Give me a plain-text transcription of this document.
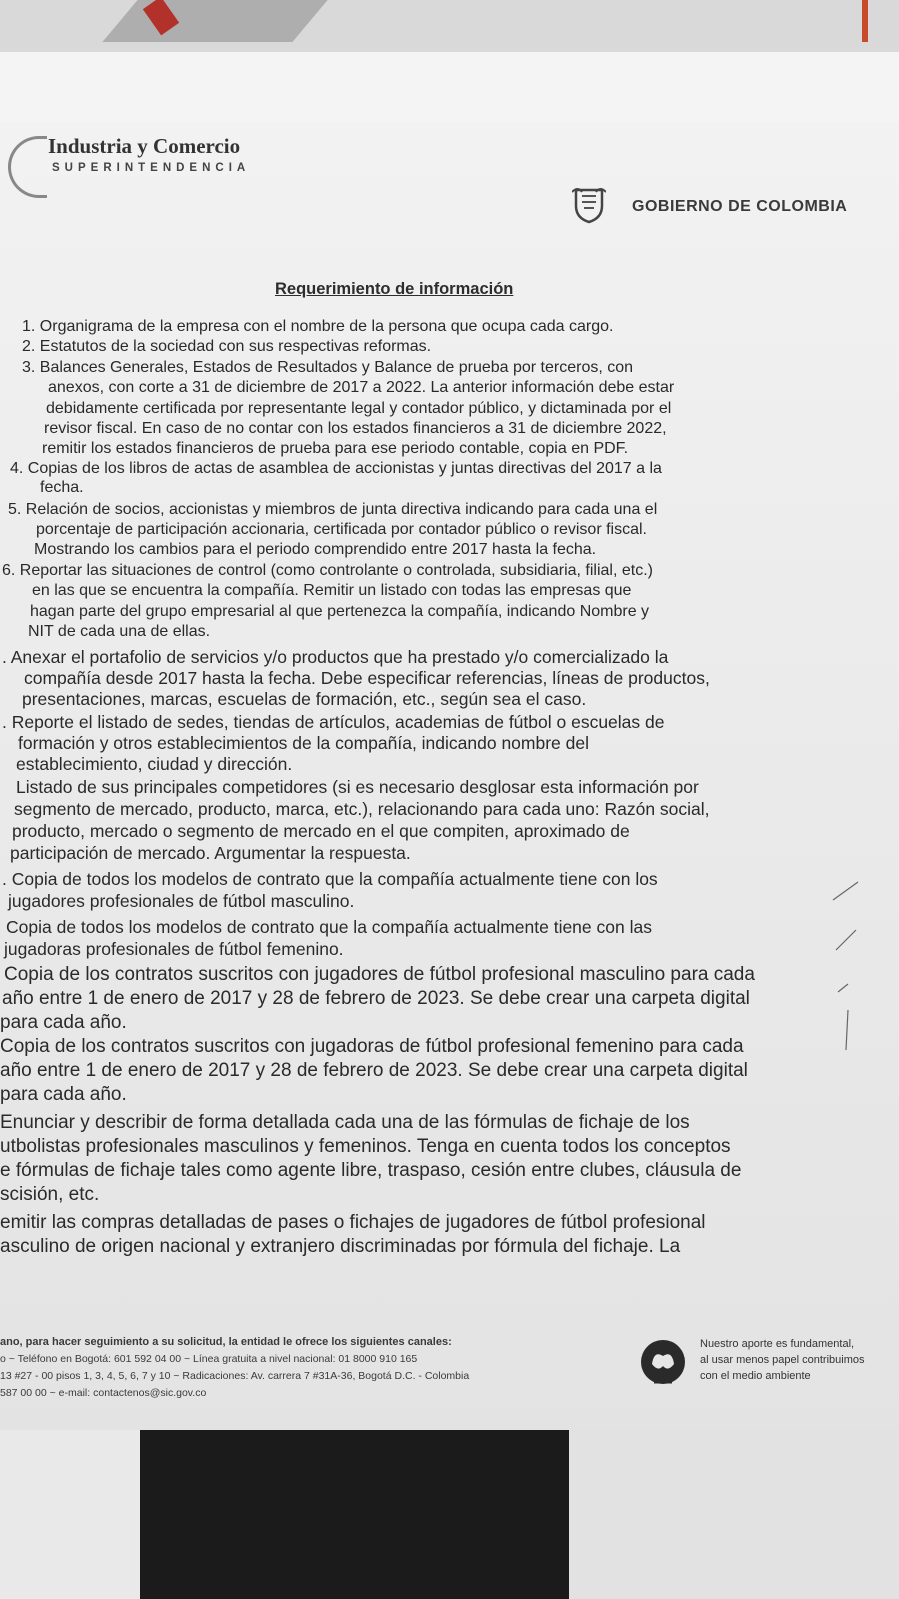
Industria y Comercio
SUPERINTENDENCIA
GOBIERNO DE COLOMBIA
Requerimiento de información
1. Organigrama de la empresa con el nombre de la persona que ocupa cada cargo.
2. Estatutos de la sociedad con sus respectivas reformas.
3. Balances Generales, Estados de Resultados y Balance de prueba por terceros, con
anexos, con corte a 31 de diciembre de 2017 a 2022. La anterior información debe estar
debidamente certificada por representante legal y contador público, y dictaminada por el
revisor fiscal. En caso de no contar con los estados financieros a 31 de diciembre 2022,
remitir los estados financieros de prueba para ese periodo contable, copia en PDF.
4. Copias de los libros de actas de asamblea de accionistas y juntas directivas del 2017 a la
fecha.
5. Relación de socios, accionistas y miembros de junta directiva indicando para cada una el
porcentaje de participación accionaria, certificada por contador público o revisor fiscal.
Mostrando los cambios para el periodo comprendido entre 2017 hasta la fecha.
6. Reportar las situaciones de control (como controlante o controlada, subsidiaria, filial, etc.)
en las que se encuentra la compañía. Remitir un listado con todas las empresas que
hagan parte del grupo empresarial al que pertenezca la compañía, indicando Nombre y
NIT de cada una de ellas.
. Anexar el portafolio de servicios y/o productos que ha prestado y/o comercializado la
compañía desde 2017 hasta la fecha. Debe especificar referencias, líneas de productos,
presentaciones, marcas, escuelas de formación, etc., según sea el caso.
. Reporte el listado de sedes, tiendas de artículos, academias de fútbol o escuelas de
formación y otros establecimientos de la compañía, indicando nombre del
establecimiento, ciudad y dirección.
Listado de sus principales competidores (si es necesario desglosar esta información por
segmento de mercado, producto, marca, etc.), relacionando para cada uno: Razón social,
producto, mercado o segmento de mercado en el que compiten, aproximado de
participación de mercado. Argumentar la respuesta.
. Copia de todos los modelos de contrato que la compañía actualmente tiene con los
jugadores profesionales de fútbol masculino.
Copia de todos los modelos de contrato que la compañía actualmente tiene con las
jugadoras profesionales de fútbol femenino.
Copia de los contratos suscritos con jugadores de fútbol profesional masculino para cada
año entre 1 de enero de 2017 y 28 de febrero de 2023. Se debe crear una carpeta digital
para cada año.
Copia de los contratos suscritos con jugadoras de fútbol profesional femenino para cada
año entre 1 de enero de 2017 y 28 de febrero de 2023. Se debe crear una carpeta digital
para cada año.
Enunciar y describir de forma detallada cada una de las fórmulas de fichaje de los
utbolistas profesionales masculinos y femeninos. Tenga en cuenta todos los conceptos
e fórmulas de fichaje tales como agente libre, traspaso, cesión entre clubes, cláusula de
scisión, etc.
emitir las compras detalladas de pases o fichajes de jugadores de fútbol profesional
asculino de origen nacional y extranjero discriminadas por fórmula del fichaje. La
ano, para hacer seguimiento a su solicitud, la entidad le ofrece los siguientes canales:
o ~ Teléfono en Bogotá: 601 592 04 00 ~ Línea gratuita a nivel nacional: 01 8000 910 165
13 #27 - 00 pisos 1, 3, 4, 5, 6, 7 y 10 ~ Radicaciones: Av. carrera 7 #31A-36, Bogotá D.C. - Colombia
587 00 00 ~ e-mail: contactenos@sic.gov.co
Nuestro aporte es fundamental,
al usar menos papel contribuimos
con el medio ambiente
